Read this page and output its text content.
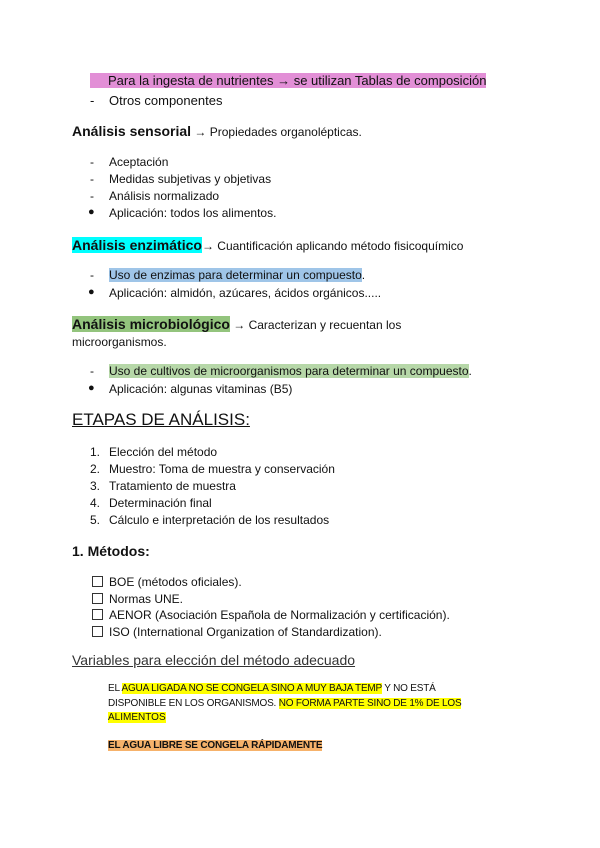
Para la ingesta de nutrientes → se utilizan Tablas de composición
- Otros componentes
Análisis sensorial → Propiedades organolépticas.
- Aceptación
- Medidas subjetivas y objetivas
- Análisis normalizado
● Aplicación: todos los alimentos.
Análisis enzimático→ Cuantificación aplicando método fisicoquímico
- Uso de enzimas para determinar un compuesto.
● Aplicación: almidón, azúcares, ácidos orgánicos.....
Análisis microbiológico → Caracterizan y recuentan los
microorganismos.
- Uso de cultivos de microorganismos para determinar un compuesto.
● Aplicación: algunas vitaminas (B5)
ETAPAS DE ANÁLISIS:
1. Elección del método
2. Muestro: Toma de muestra y conservación
3. Tratamiento de muestra
4. Determinación final
5. Cálculo e interpretación de los resultados
1. Métodos:
BOE (métodos oficiales).
Normas UNE.
AENOR (Asociación Española de Normalización y certificación).
ISO (International Organization of Standardization).
Variables para elección del método adecuado
EL AGUA LIGADA NO SE CONGELA SINO A MUY BAJA TEMP Y NO ESTÁ
DISPONIBLE EN LOS ORGANISMOS. NO FORMA PARTE SINO DE 1% DE LOS
ALIMENTOS
EL AGUA LIBRE SE CONGELA RÁPIDAMENTE
